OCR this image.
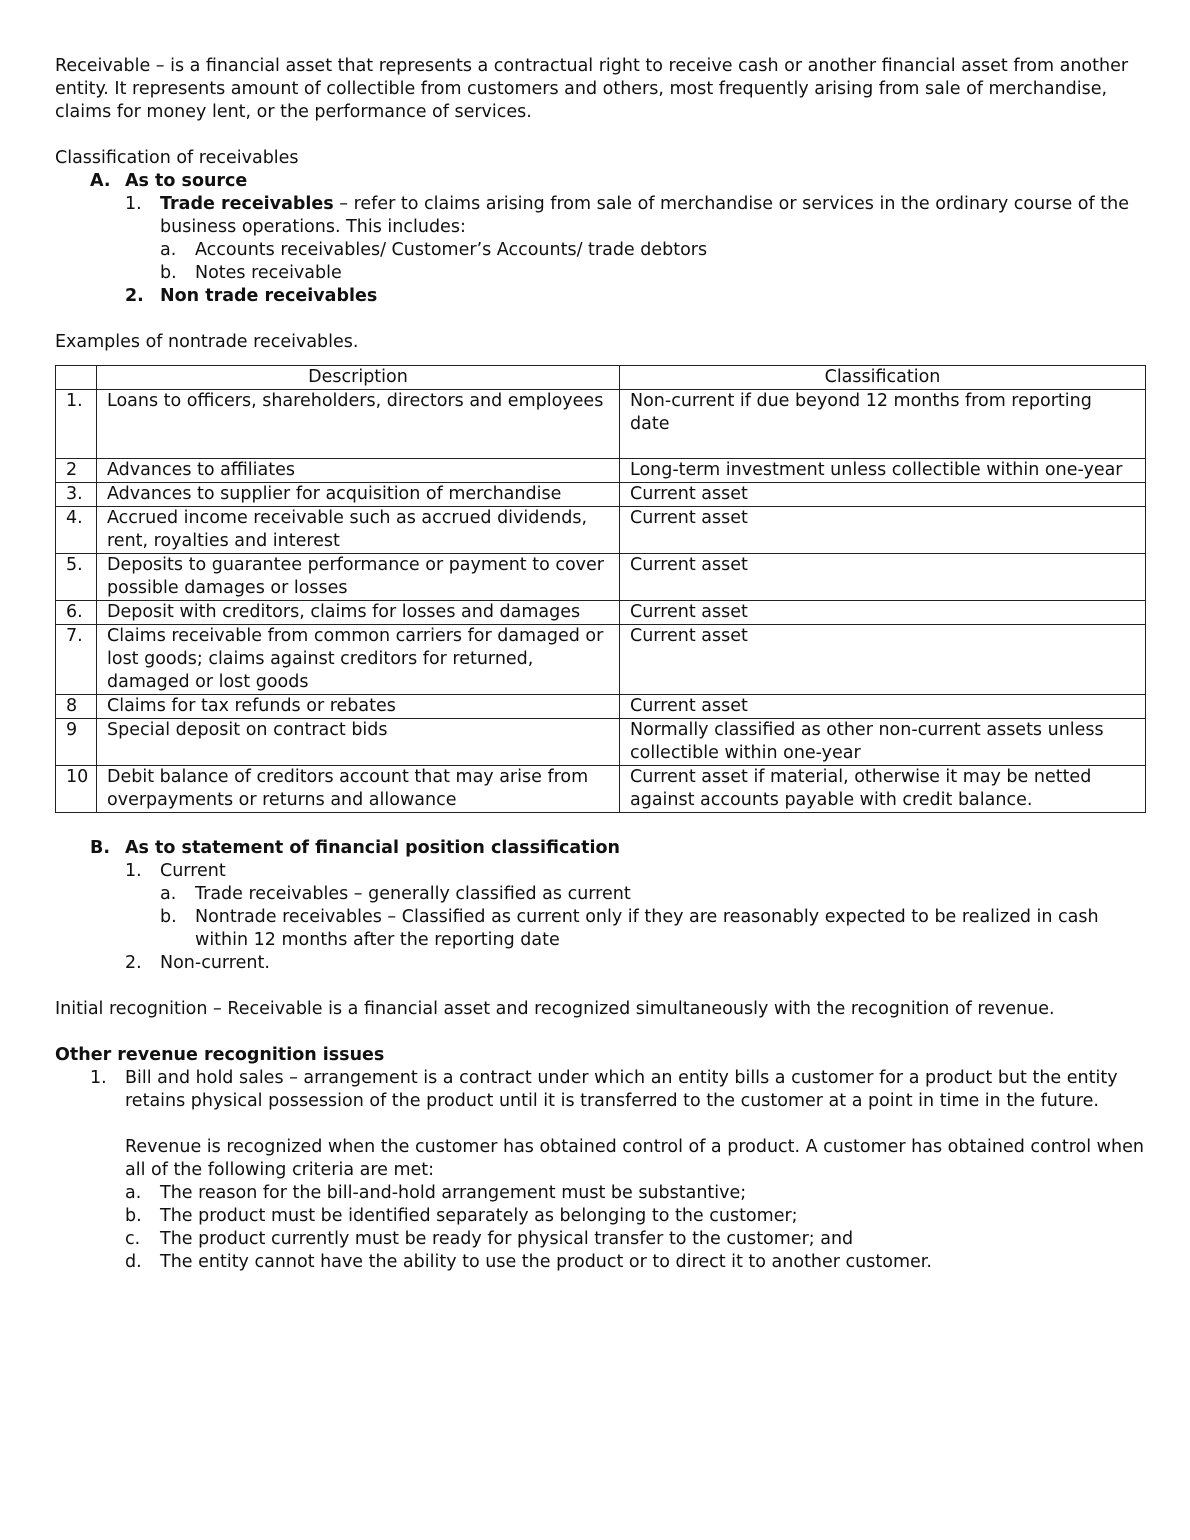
Receivable – is a financial asset that represents a contractual right to receive cash or another financial asset from another entity. It represents amount of collectible from customers and others, most frequently arising from sale of merchandise, claims for money lent, or the performance of services.

Classification of receivables

A. As to source
1.	Trade receivables – refer to claims arising from sale of merchandise or services in the ordinary course of the business operations. This includes:
a.	Accounts receivables/ Customer’s Accounts/ trade debtors
b.	Notes receivable
2. Non trade receivables

Examples of nontrade receivables.

	Description	Classification
1.	Loans to officers, shareholders, directors and employees	Non-current if due beyond 12 months from reporting date
2	Advances to affiliates	Long-term investment unless collectible within one-year
3.	Advances to supplier for acquisition of merchandise	Current asset
4.	Accrued income receivable such as accrued dividends, rent, royalties and interest	Current asset
5.	Deposits to guarantee performance or payment to cover possible damages or losses	Current asset
6.	Deposit with creditors, claims for losses and damages	Current asset
7.	Claims receivable from common carriers for damaged or lost goods; claims against creditors for returned, damaged or lost goods	Current asset
8	Claims for tax refunds or rebates	Current asset
9	Special deposit on contract bids	Normally classified as other non-current assets unless collectible within one-year
10	Debit balance of creditors account that may arise from overpayments or returns and allowance	Current asset if material, otherwise it may be netted against accounts payable with credit balance.
B. As to statement of financial position classification
1.	Current
a.	Trade receivables – generally classified as current
b.	Nontrade receivables – Classified as current only if they are reasonably expected to be realized in cash within 12 months after the reporting date
2.	Non-current.

Initial recognition – Receivable is a financial asset and recognized simultaneously with the recognition of revenue.

Other revenue recognition issues

1.	Bill and hold sales – arrangement is a contract under which an entity bills a customer for a product but the entity retains physical possession of the product until it is transferred to the customer at a point in time in the future.
Revenue is recognized when the customer has obtained control of a product. A customer has obtained control when all of the following criteria are met:
a.	The reason for the bill-and-hold arrangement must be substantive;
b.	The product must be identified separately as belonging to the customer;
c.	The product currently must be ready for physical transfer to the customer; and
d.	The entity cannot have the ability to use the product or to direct it to another customer.
